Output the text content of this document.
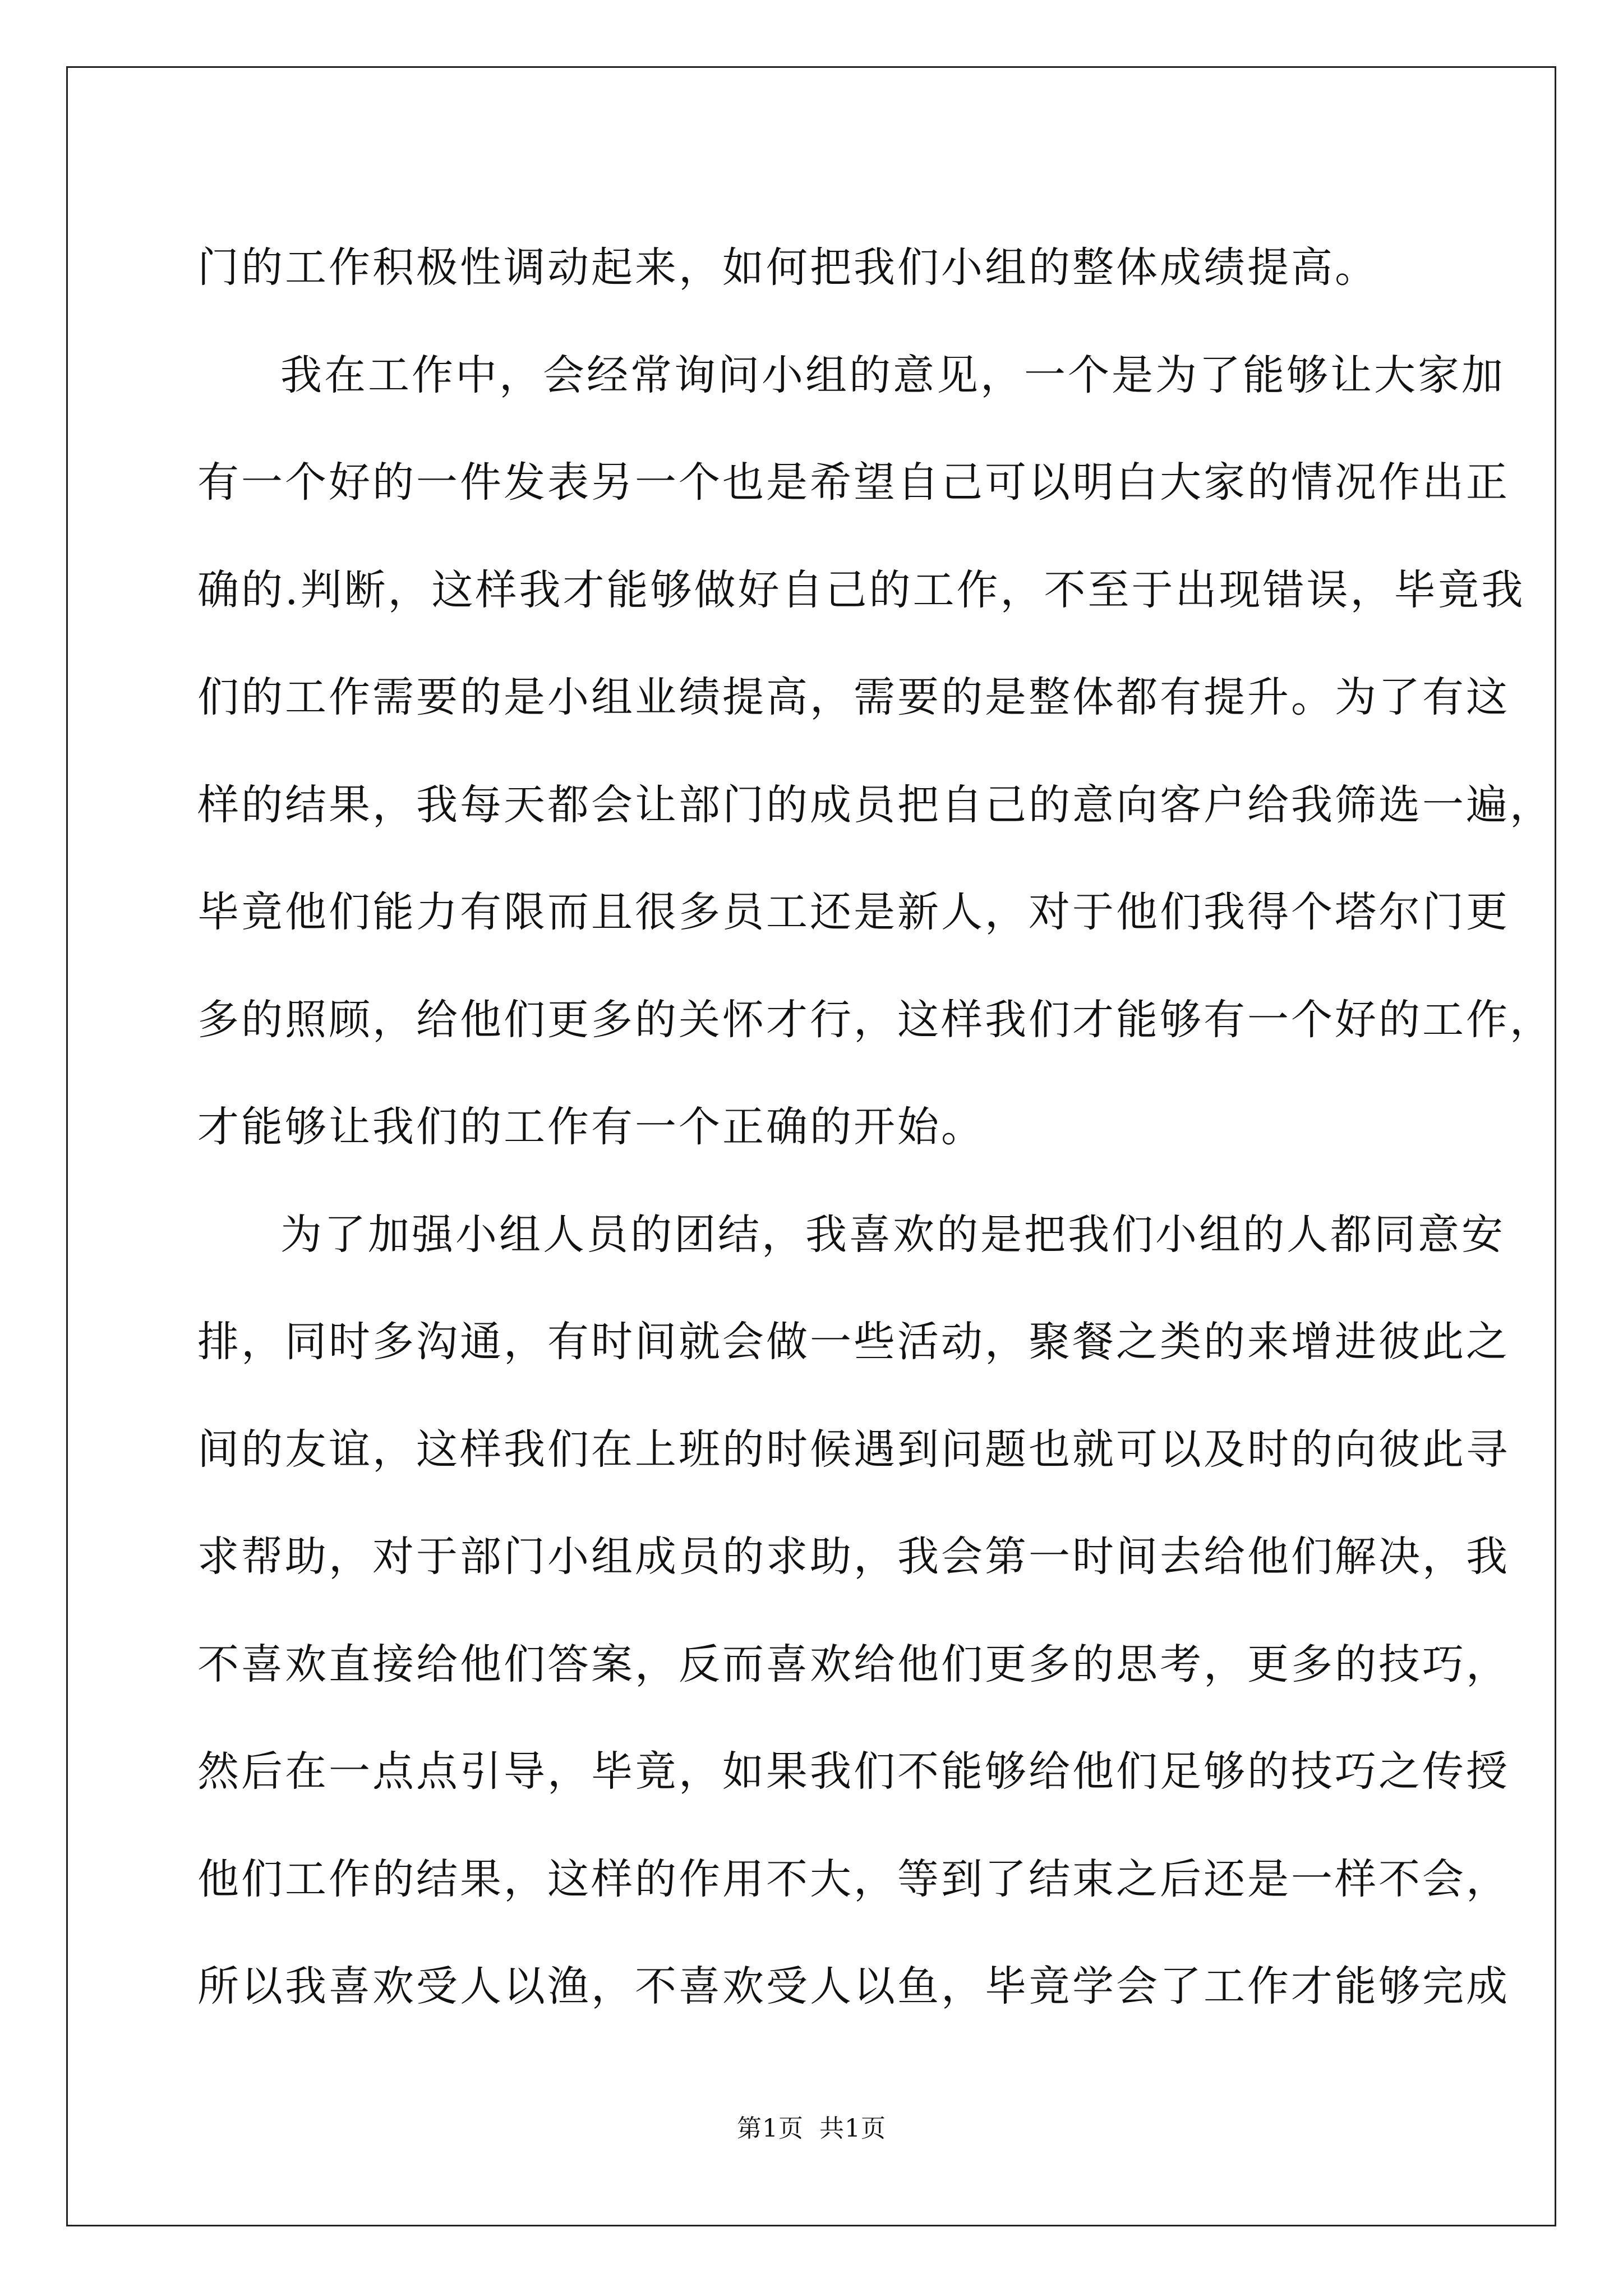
门的工作积极性调动起来，如何把我们小组的整体成绩提高。
我在工作中，会经常询问小组的意见，一个是为了能够让大家加
有一个好的一件发表另一个也是希望自己可以明白大家的情况作出正
确的.判断，这样我才能够做好自己的工作，不至于出现错误，毕竟我
们的工作需要的是小组业绩提高，需要的是整体都有提升。为了有这
样的结果，我每天都会让部门的成员把自己的意向客户给我筛选一遍，
毕竟他们能力有限而且很多员工还是新人，对于他们我得个塔尔门更
多的照顾，给他们更多的关怀才行，这样我们才能够有一个好的工作，
才能够让我们的工作有一个正确的开始。
为了加强小组人员的团结，我喜欢的是把我们小组的人都同意安
排，同时多沟通，有时间就会做一些活动，聚餐之类的来增进彼此之
间的友谊，这样我们在上班的时候遇到问题也就可以及时的向彼此寻
求帮助，对于部门小组成员的求助，我会第一时间去给他们解决，我
不喜欢直接给他们答案，反而喜欢给他们更多的思考，更多的技巧，
然后在一点点引导，毕竟，如果我们不能够给他们足够的技巧之传授
他们工作的结果，这样的作用不大，等到了结束之后还是一样不会，
所以我喜欢受人以渔，不喜欢受人以鱼，毕竟学会了工作才能够完成
第1页 共1页
